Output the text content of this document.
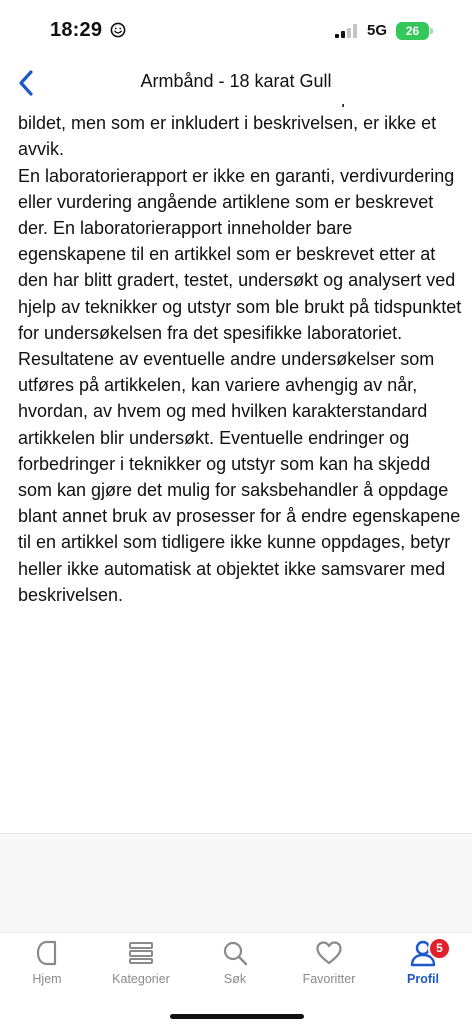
18:29	5G	26
Armbånd - 18 karat Gull

bildet, men som er inkludert i beskrivelsen, er ikke et avvik.

En laboratorierapport er ikke en garanti, verdivurdering eller vurdering angående artiklene som er beskrevet der. En laboratorierapport inneholder bare egenskapene til en artikkel som er beskrevet etter at den har blitt gradert, testet, undersøkt og analysert ved hjelp av teknikker og utstyr som ble brukt på tidspunktet for undersøkelsen fra det spesifikke laboratoriet. Resultatene av eventuelle andre undersøkelser som utføres på artikkelen, kan variere avhengig av når, hvordan, av hvem og med hvilken karakterstandard artikkelen blir undersøkt. Eventuelle endringer og forbedringer i teknikker og utstyr som kan ha skjedd som kan gjøre det mulig for saksbehandler å oppdage blant annet bruk av prosesser for å endre egenskapene til en artikkel som tidligere ikke kunne oppdages, betyr heller ikke automatisk at objektet ikke samsvarer med beskrivelsen.

Hjem	Kategorier	Søk	Favoritter
5
Profil
